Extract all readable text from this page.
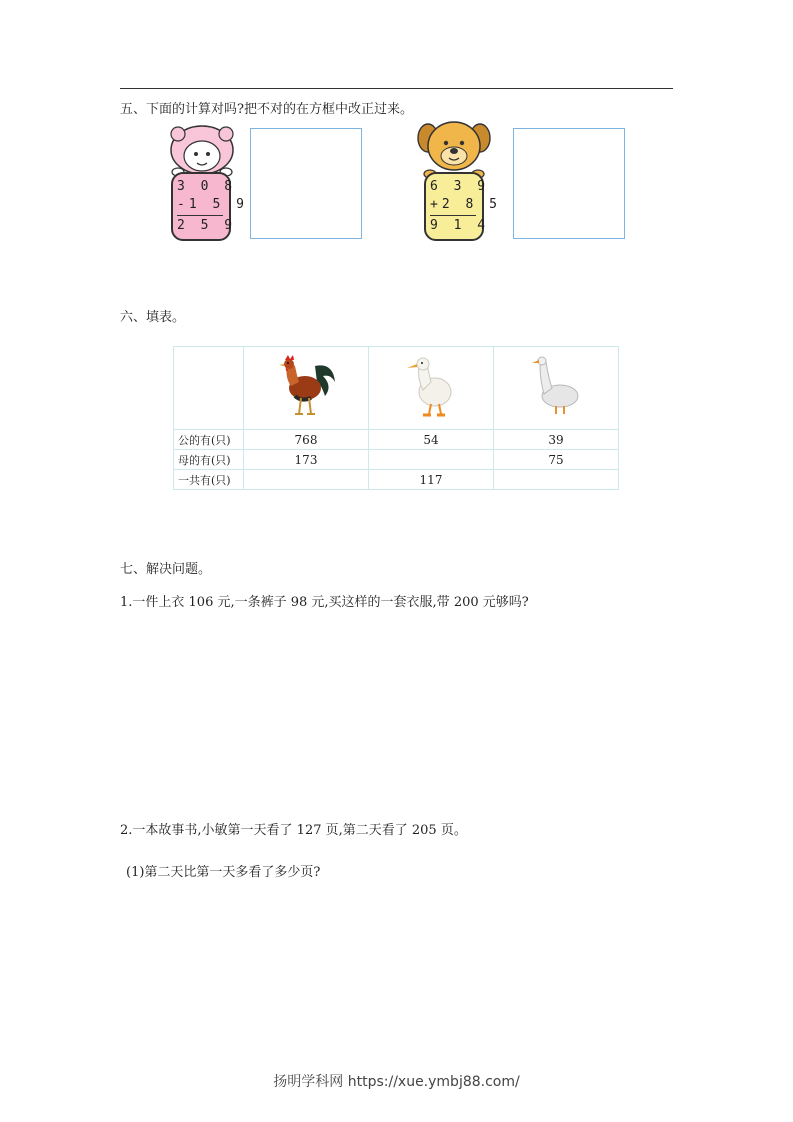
五、下面的计算对吗?把不对的在方框中改正过来。
3 0 8
-1 5 9
2 5 9
6 3 9
+2 8 5
9 1 4
六、填表。

公的有(只)	768	54	39
母的有(只)	173		75
一共有(只)		117	
七、解决问题。
1.一件上衣 106 元,一条裤子 98 元,买这样的一套衣服,带 200 元够吗?
2.一本故事书,小敏第一天看了 127 页,第二天看了 205 页。
(1)第二天比第一天多看了多少页?
扬明学科网 https://xue.ymbj88.com/
